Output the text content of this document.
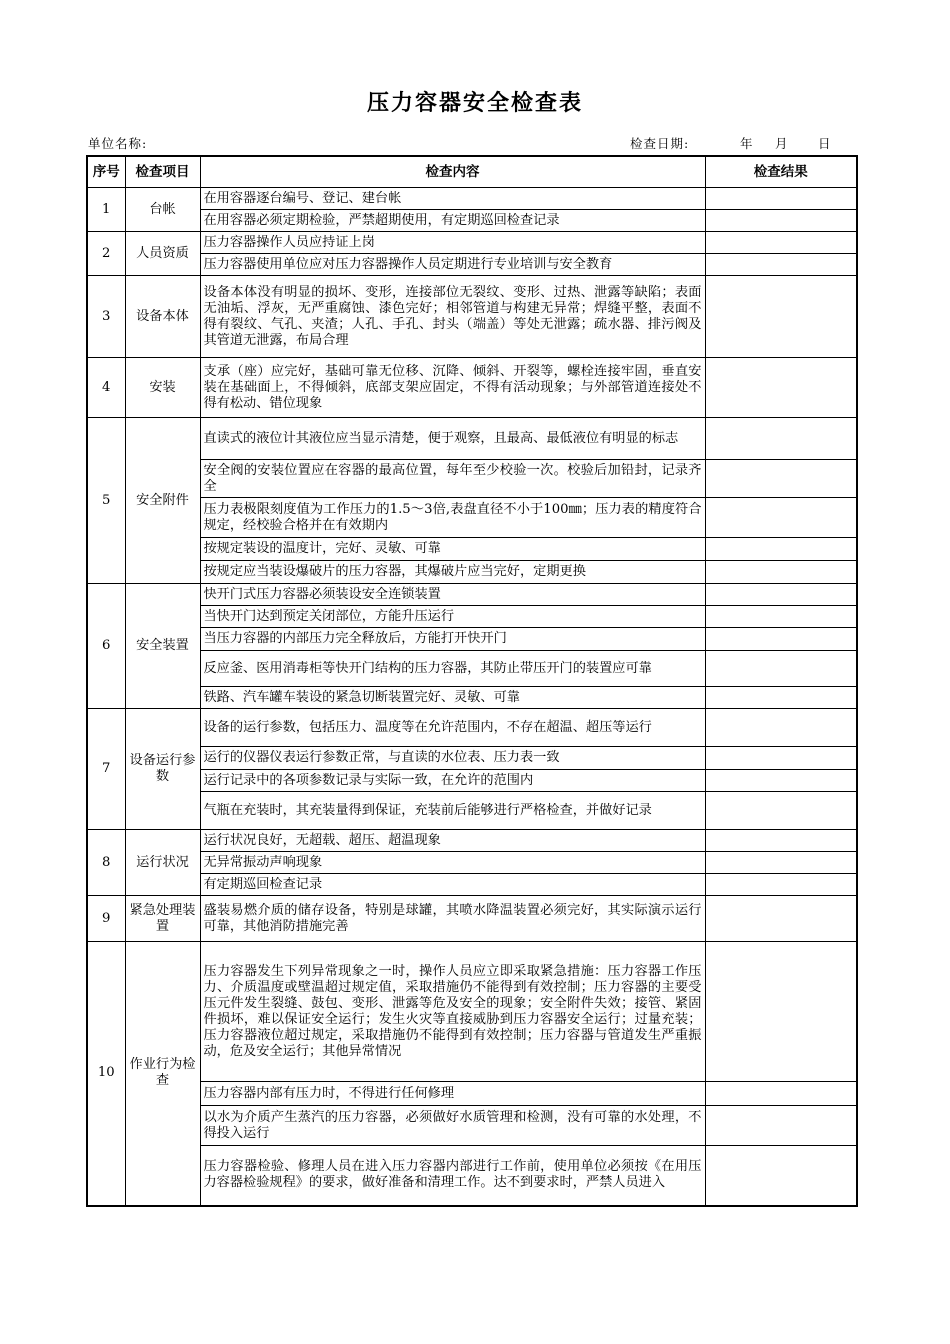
压力容器安全检查表
单位名称:	检查日期:	年 月 日
序号	检查项目	检查内容	检查结果
1	台帐	在用容器逐台编号、登记、建台帐	
		在用容器必须定期检验，严禁超期使用，有定期巡回检查记录	
2	人员资质	压力容器操作人员应持证上岗	
		压力容器使用单位应对压力容器操作人员定期进行专业培训与安全教育	
3	设备本体	设备本体没有明显的损坏、变形，连接部位无裂纹、变形、过热、泄露等缺陷；表面无油垢、浮灰，无严重腐蚀、漆色完好；相邻管道与构建无异常；焊缝平整，表面不得有裂纹、气孔、夹渣；人孔、手孔、封头（端盖）等处无泄露；疏水器、排污阀及其管道无泄露，布局合理	
4	安装	支承（座）应完好，基础可靠无位移、沉降、倾斜、开裂等，螺栓连接牢固，垂直安装在基础面上，不得倾斜，底部支架应固定，不得有活动现象；与外部管道连接处不得有松动、错位现象	
5	安全附件	直读式的液位计其液位应当显示清楚，便于观察，且最高、最低液位有明显的标志	
		安全阀的安装位置应在容器的最高位置，每年至少校验一次。校验后加铅封，记录齐全	
		压力表极限刻度值为工作压力的1.5～3倍,表盘直径不小于100㎜；压力表的精度符合规定，经校验合格并在有效期内	
		按规定装设的温度计，完好、灵敏、可靠	
		按规定应当装设爆破片的压力容器，其爆破片应当完好，定期更换	
6	安全装置	快开门式压力容器必须装设安全连锁装置	
		当快开门达到预定关闭部位，方能升压运行	
		当压力容器的内部压力完全释放后，方能打开快开门	
		反应釜、医用消毒柜等快开门结构的压力容器，其防止带压开门的装置应可靠	
		铁路、汽车罐车装设的紧急切断装置完好、灵敏、可靠	
7	设备运行参数	设备的运行参数，包括压力、温度等在允许范围内，不存在超温、超压等运行	
		运行的仪器仪表运行参数正常，与直读的水位表、压力表一致	
		运行记录中的各项参数记录与实际一致，在允许的范围内	
		气瓶在充装时，其充装量得到保证，充装前后能够进行严格检查，并做好记录	
8	运行状况	运行状况良好，无超载、超压、超温现象	
		无异常振动声响现象	
		有定期巡回检查记录	
9	紧急处理装置	盛装易燃介质的储存设备，特别是球罐，其喷水降温装置必须完好，其实际演示运行可靠，其他消防措施完善	
10	作业行为检查	压力容器发生下列异常现象之一时，操作人员应立即采取紧急措施：压力容器工作压力、介质温度或壁温超过规定值，采取措施仍不能得到有效控制；压力容器的主要受压元件发生裂缝、鼓包、变形、泄露等危及安全的现象；安全附件失效；接管、紧固件损坏，难以保证安全运行；发生火灾等直接威胁到压力容器安全运行；过量充装；压力容器液位超过规定，采取措施仍不能得到有效控制；压力容器与管道发生严重振动，危及安全运行；其他异常情况	
		压力容器内部有压力时，不得进行任何修理	
		以水为介质产生蒸汽的压力容器，必须做好水质管理和检测，没有可靠的水处理，不得投入运行	
		压力容器检验、修理人员在进入压力容器内部进行工作前，使用单位必须按《在用压力容器检验规程》的要求，做好准备和清理工作。达不到要求时，严禁人员进入	
